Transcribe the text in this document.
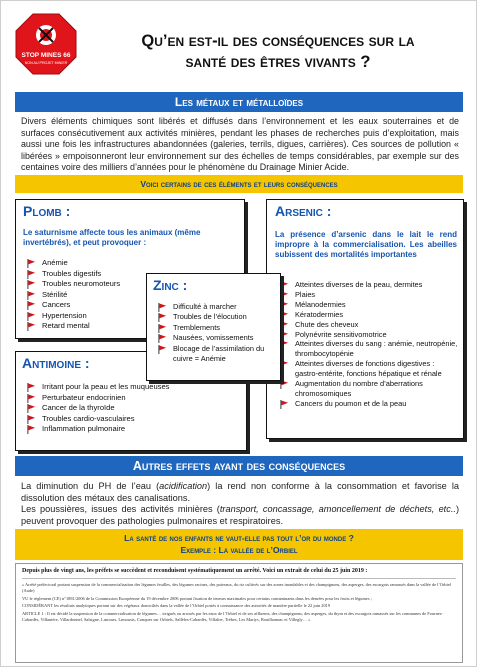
STOP MINES 66
NON AU PROJET MINIER
Qu’en est-il des conséquences sur la
santé des êtres vivants ?
Les métaux et métalloïdes

Divers éléments chimiques sont libérés et diffusés dans l’environnement et les eaux souterraines et de surfaces consécutivement aux activités minières, pendant les phases de recherches puis d’exploitation, mais aussi une fois les infrastructures abandonnées (galeries, terrils, digues, carrières). Ces sources de pollution « libérées » empoisonneront leur environnement sur des échelles de temps considérables, par exemple sur des centaines voire des milliers d’années pour le phénomène du Drainage Minier Acide.

Voici certains de ces éléments et leurs conséquences
Plomb :
Le saturnisme affecte tous les animaux (même invertébrés), et peut provoquer :
Anémie
Troubles digestifs
Troubles neuromoteurs
Stérilité
Cancers
Hypertension
Retard mental
Arsenic :
La présence d’arsenic dans le lait le rend impropre à la commercialisation. Les abeilles subissent des mortalités importantes
Atteintes diverses de la peau, dermites
Plaies
Mélanodermies
Kératodermies
Chute des cheveux
Polynévrite sensitivomotrice
Atteintes diverses du sang : anémie, neutropénie, thrombocytopénie
Atteintes diverses de fonctions digestives : gastro-entérite, fonctions hépatique et rénale
Augmentation du nombre d’aberrations chromosomiques
Cancers du poumon et de la peau
Antimoine :
Irritant pour la peau et les muqueuses
Perturbateur endocrinien
Cancer de la thyroïde
Troubles cardio-vasculaires
Inflammation pulmonaire
Zinc :
Difficulté à marcher
Troubles de l’élocution
Tremblements
Nausées, vomissements
Blocage de l’assimilation du cuivre = Anémie
Autres effets ayant des conséquences

La diminution du PH de l’eau (acidification) la rend non conforme à la consommation et favorise la dissolution des métaux des canalisations.

Les poussières, issues des activités minières (transport, concassage, amoncellement de déchets, etc..) peuvent provoquer des pathologies pulmonaires et respiratoires.

La santé de nos enfants ne vaut-elle pas tout l’or du monde ?
Exemple : La vallée de l’Orbiel
Depuis plus de vingt ans, les préfets se succèdent et reconduisent systématiquement un arrêté. Voici un extrait de celui du 25 juin 2019 :
« Arrêté préfectoral portant suspension de la commercialisation des légumes feuilles, des légumes racines, des poireaux, du riz cultivés sur des zones inondables et des champignons, des asperges, des escargots ramassés dans la vallée de l’Orbiel (Aude)
VU le règlement (CE) n°1881/2006 de la Commission Européenne du 19 décembre 2006 portant fixation de teneurs maximales pour certains contaminants dans les denrées pour les fruits et légumes ;
CONSIDÉRANT les résultats analytiques portant sur des végétaux domiciliés dans la vallée de l’Orbiel portés à connaissance des autorités de manière partielle le 22 juin 2019
ARTICLE 1 : Il est décidé la suspension de la commercialisation de légumes… irrigués ou arrosés par les eaux de l’Orbiel et de ses affluents, des champignons, des asperges, du thym et des escargots ramassés sur les communes de Fournes-Cabardès, Villanière, Villardonnel, Salsigne, Lastours, Limousis, Conques sur Orbiels, Sallèles-Cabardès, Villalier, Trèbes, Les Martys, Bouilhonnac et Villegly… »
